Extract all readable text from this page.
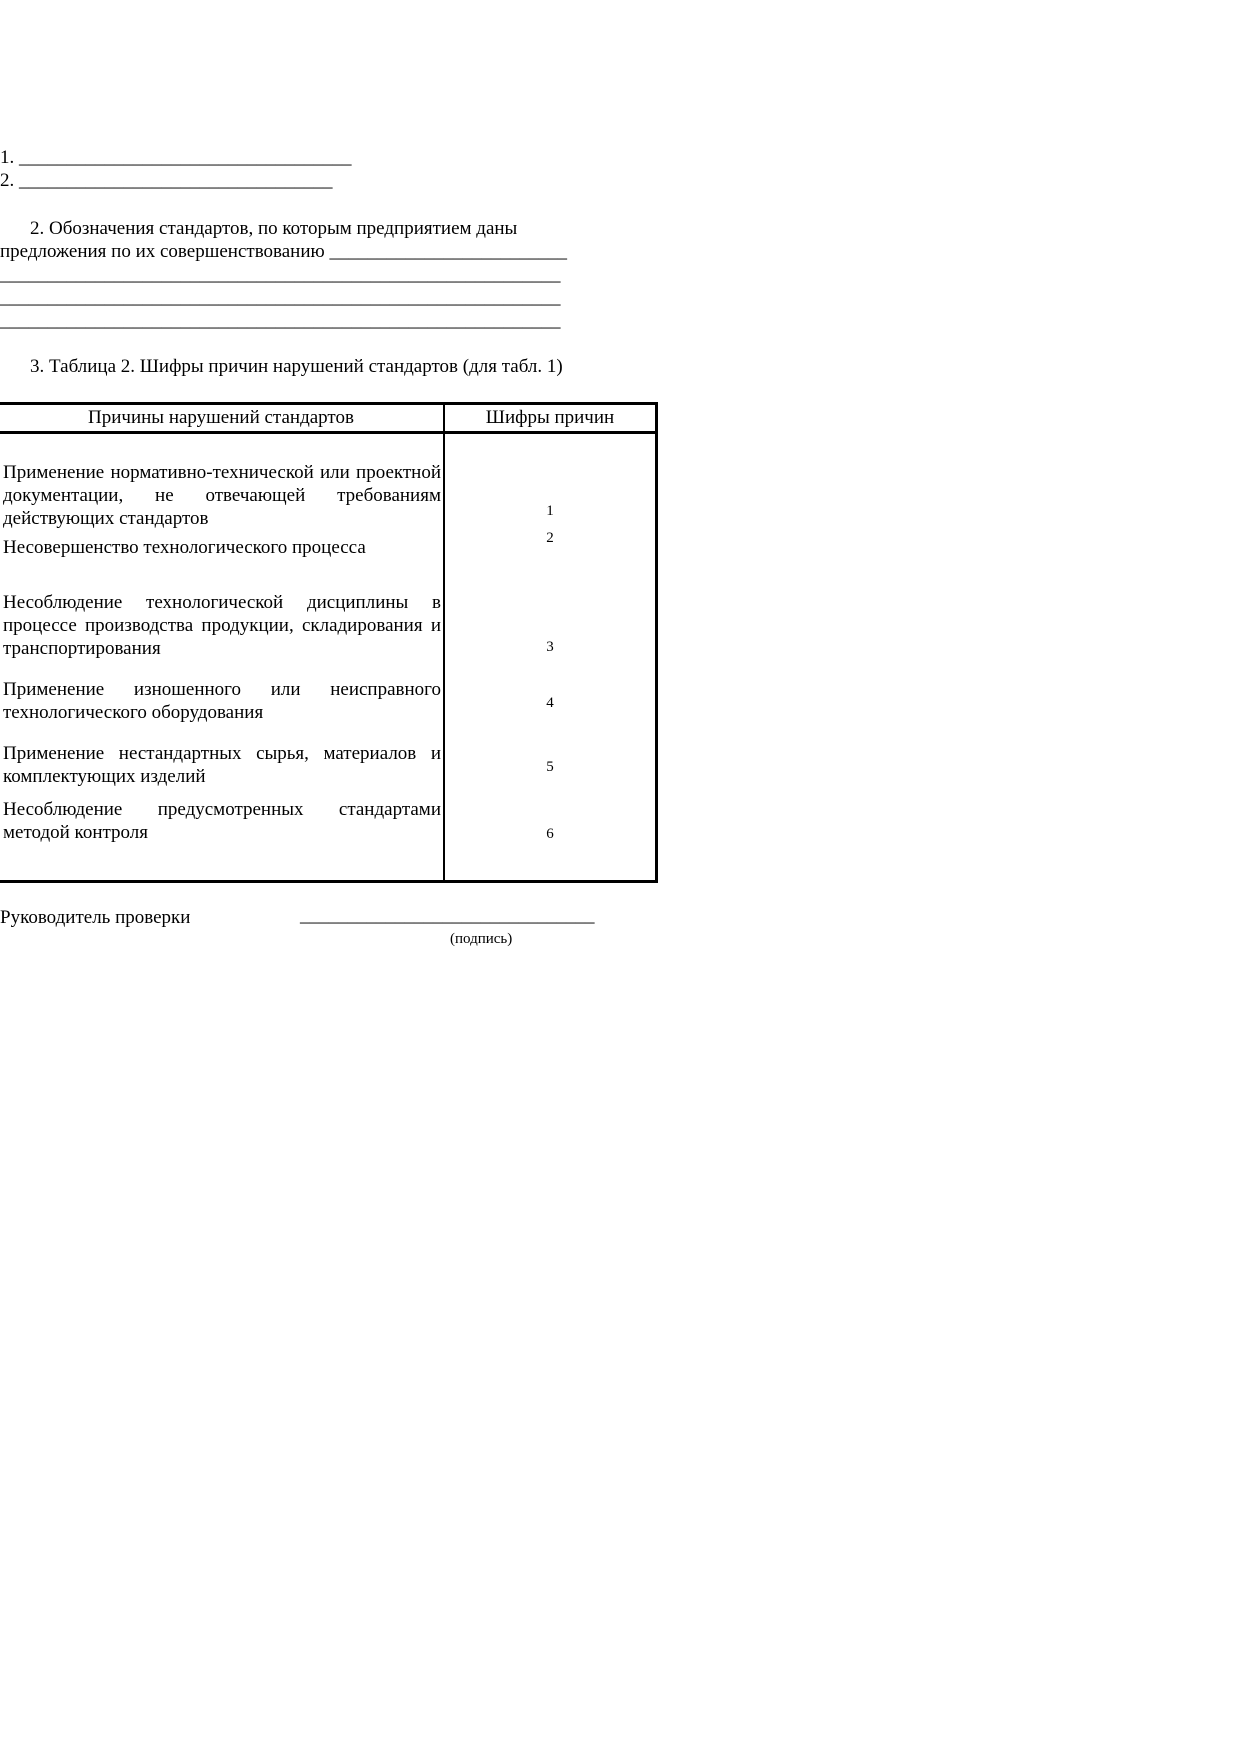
1. ___________________________________
2. _________________________________
2. Обозначения стандартов, по которым предприятием даны
предложения по их совершенствованию _________________________
___________________________________________________________
___________________________________________________________
___________________________________________________________
3. Таблица 2. Шифры причин нарушений стандартов (для табл. 1)
Причины нарушений стандартов	Шифры причин
Применение нормативно-технической или проектной документации, не отвечающей требованиям действующих стандартов	1
Несовершенство технологического процесса	2
Несоблюдение технологической дисциплины в процессе производства продукции, складирования и транспортирования	3
Применение изношенного или неисправного технологического оборудования	4
Применение нестандартных сырья, материалов и комплектующих изделий	5
Несоблюдение предусмотренных стандартами методой контроля	6
Руководитель проверки	_______________________________
(подпись)
